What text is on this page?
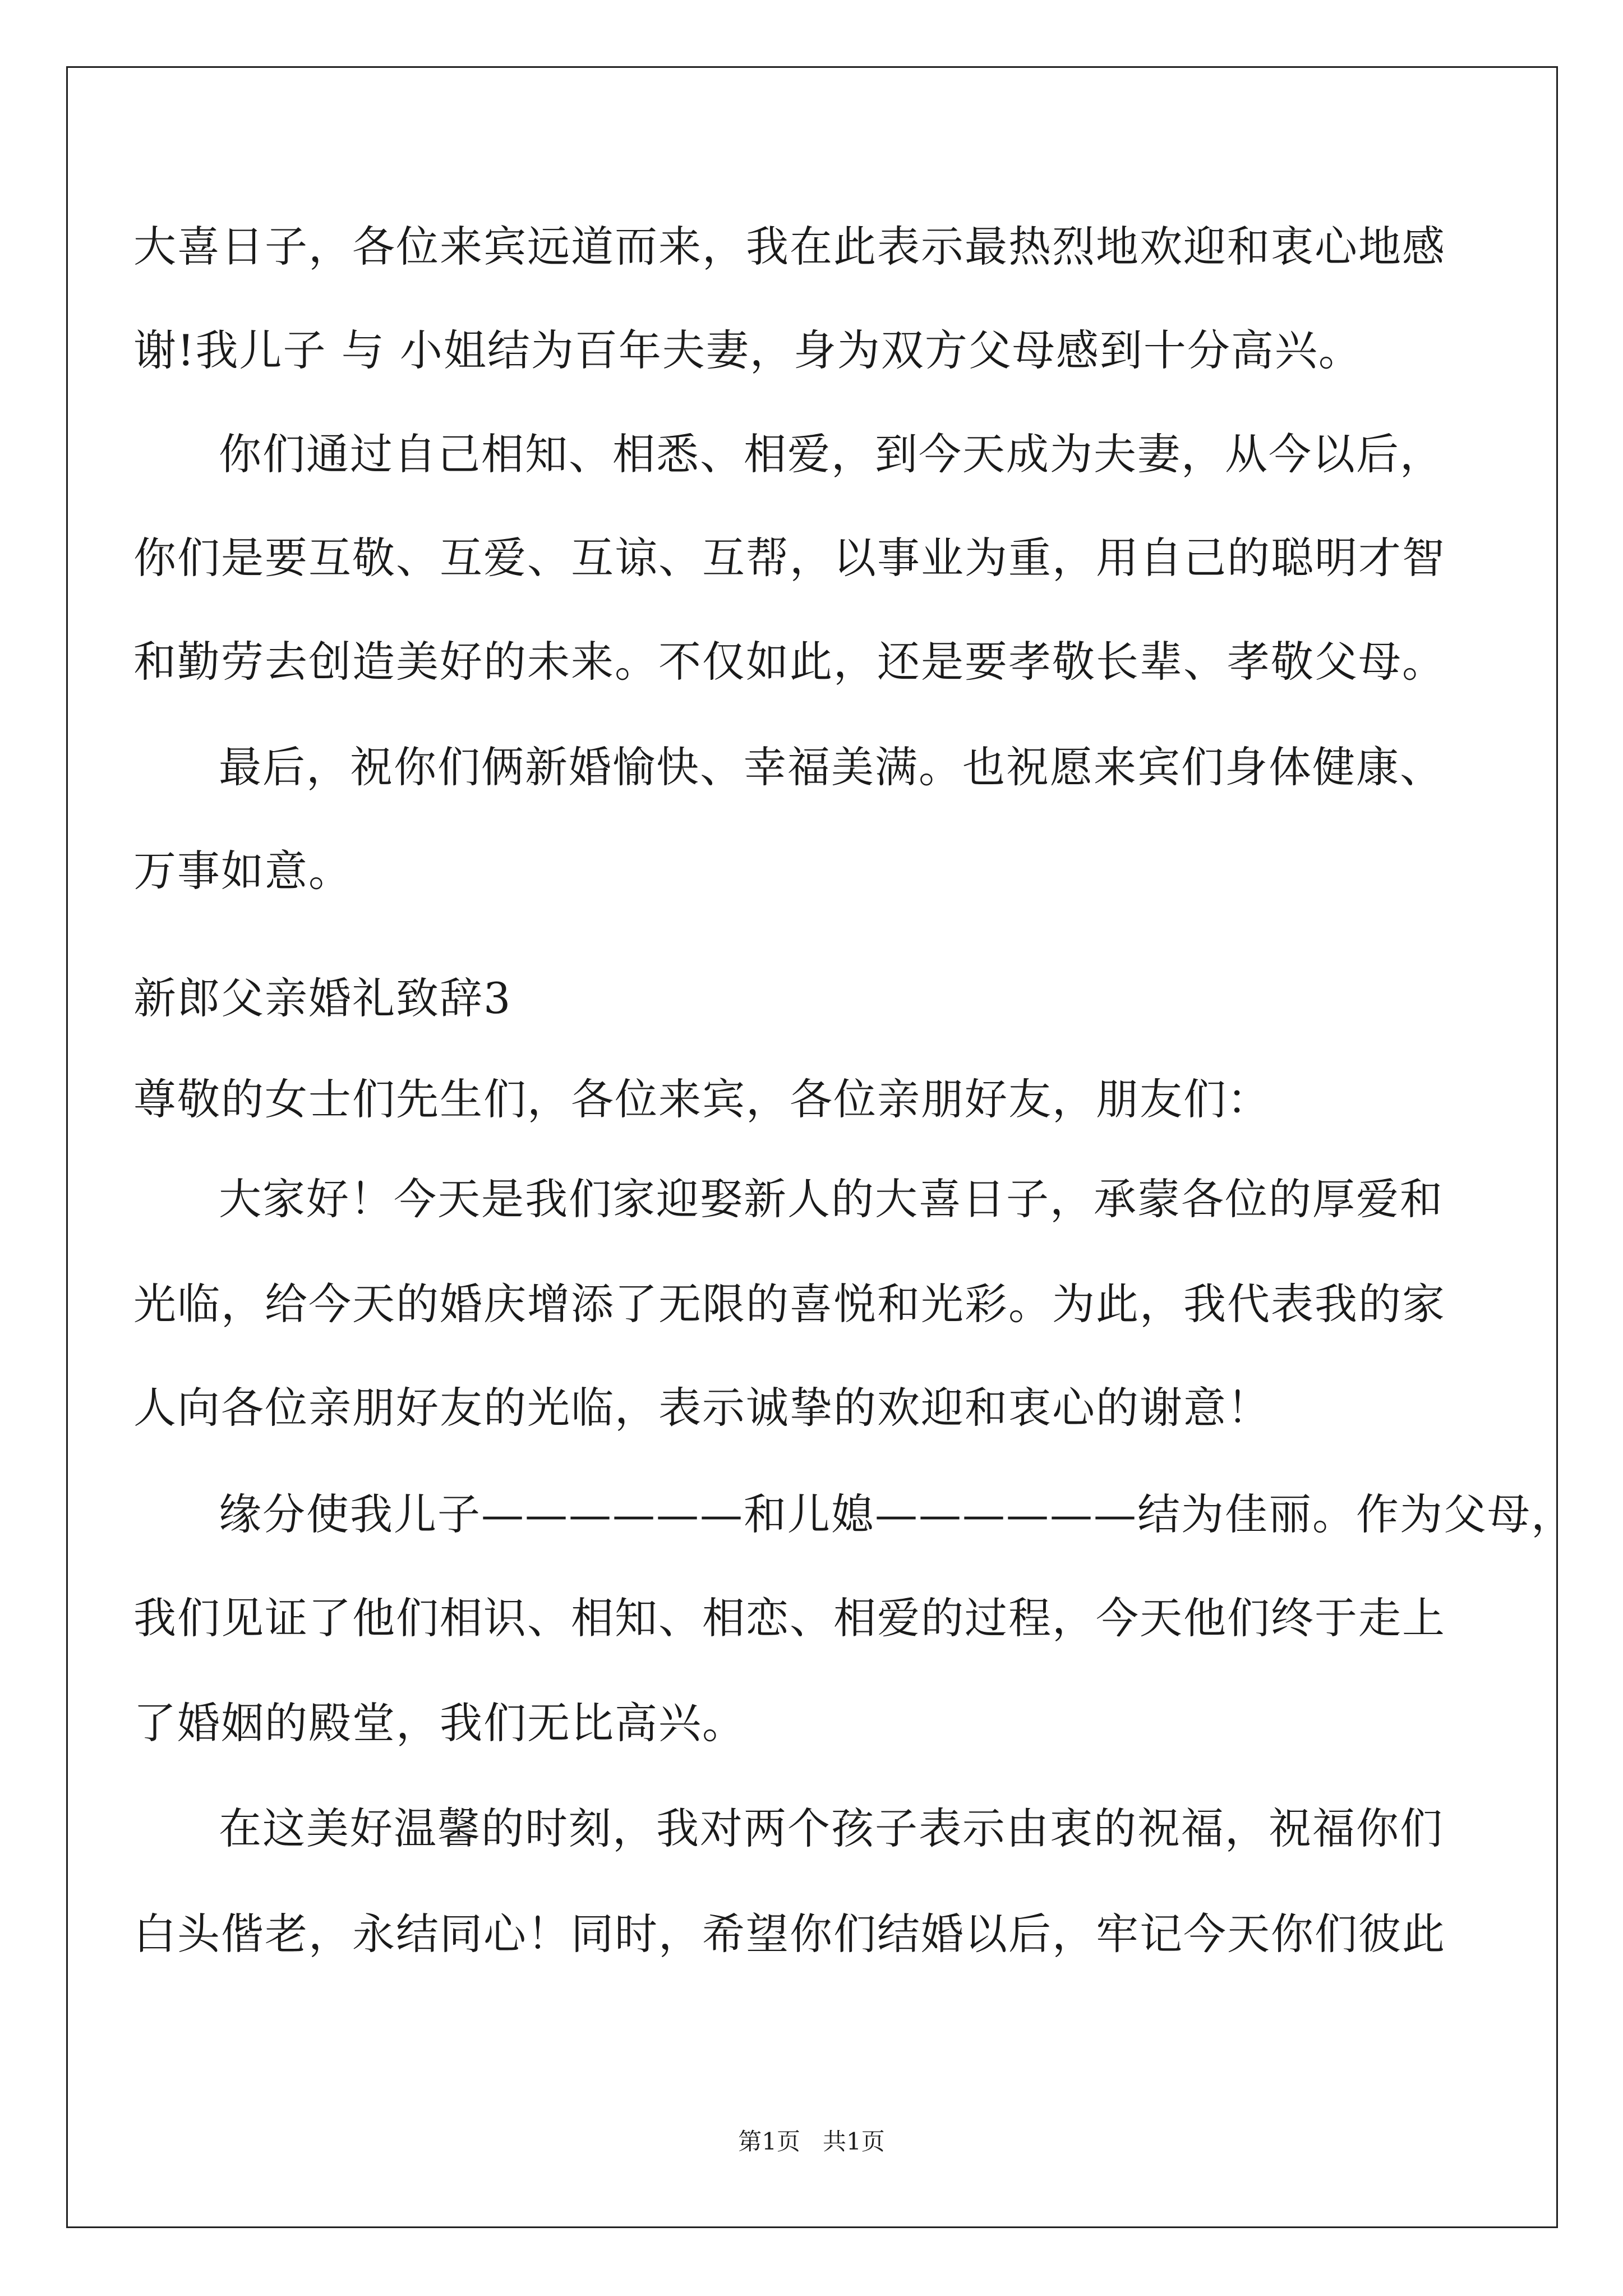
大喜日子，各位来宾远道而来，我在此表示最热烈地欢迎和衷心地感
谢!我儿子 与 小姐结为百年夫妻，身为双方父母感到十分高兴。
你们通过自己相知、相悉、相爱，到今天成为夫妻，从今以后，
你们是要互敬、互爱、互谅、互帮，以事业为重，用自己的聪明才智
和勤劳去创造美好的未来。不仅如此，还是要孝敬长辈、孝敬父母。
最后，祝你们俩新婚愉快、幸福美满。也祝愿来宾们身体健康、
万事如意。
新郎父亲婚礼致辞3
尊敬的女士们先生们，各位来宾，各位亲朋好友，朋友们：
大家好！今天是我们家迎娶新人的大喜日子，承蒙各位的厚爱和
光临，给今天的婚庆增添了无限的喜悦和光彩。为此，我代表我的家
人向各位亲朋好友的光临，表示诚挚的欢迎和衷心的谢意！
缘分使我儿子——————和儿媳——————结为佳丽。作为父母，
我们见证了他们相识、相知、相恋、相爱的过程，今天他们终于走上
了婚姻的殿堂，我们无比高兴。
在这美好温馨的时刻，我对两个孩子表示由衷的祝福，祝福你们
白头偕老，永结同心！同时，希望你们结婚以后，牢记今天你们彼此
第1页 共1页
